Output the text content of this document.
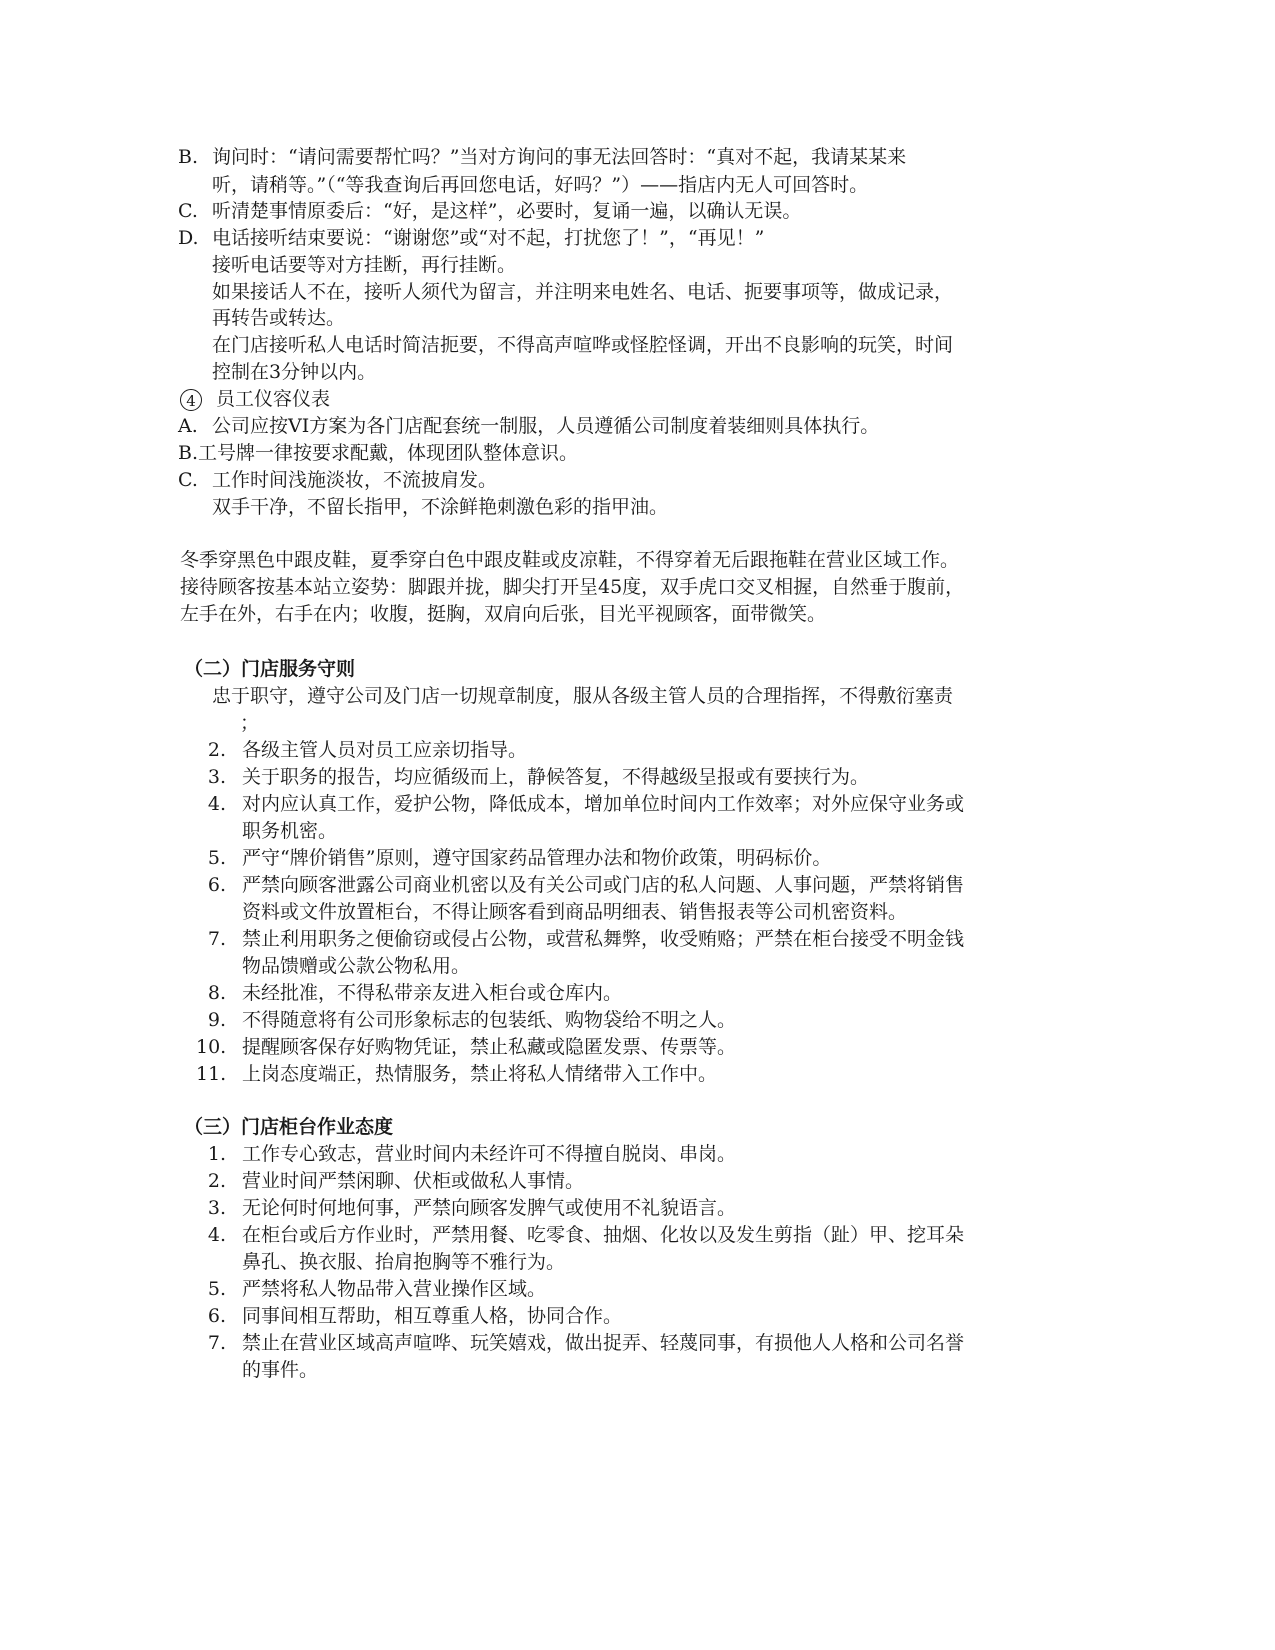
B. 询问时：“请问需要帮忙吗？”当对方询问的事无法回答时：“真对不起，我请某某来
听，请稍等。”（“等我查询后再回您电话，好吗？”）——指店内无人可回答时。
C. 听清楚事情原委后：“好，是这样”，必要时，复诵一遍，以确认无误。
D. 电话接听结束要说：“谢谢您”或“对不起，打扰您了！”，“再见！”
接听电话要等对方挂断，再行挂断。
如果接话人不在，接听人须代为留言，并注明来电姓名、电话、扼要事项等，做成记录，
再转告或转达。
在门店接听私人电话时简洁扼要，不得高声喧哗或怪腔怪调，开出不良影响的玩笑，时间
控制在3分钟以内。
4	员工仪容仪表
A. 公司应按VI方案为各门店配套统一制服，人员遵循公司制度着装细则具体执行。
B. 工号牌一律按要求配戴，体现团队整体意识。
C. 工作时间浅施淡妆，不流披肩发。
双手干净，不留长指甲，不涂鲜艳刺激色彩的指甲油。
冬季穿黑色中跟皮鞋，夏季穿白色中跟皮鞋或皮凉鞋，不得穿着无后跟拖鞋在营业区域工作。
接待顾客按基本站立姿势：脚跟并拢，脚尖打开呈45度，双手虎口交叉相握，自然垂于腹前，
左手在外，右手在内；收腹，挺胸，双肩向后张，目光平视顾客，面带微笑。
（二）门店服务守则
忠于职守，遵守公司及门店一切规章制度，服从各级主管人员的合理指挥，不得敷衍塞责
；
2. 各级主管人员对员工应亲切指导。
3. 关于职务的报告，均应循级而上，静候答复，不得越级呈报或有要挟行为。
4. 对内应认真工作，爱护公物，降低成本，增加单位时间内工作效率；对外应保守业务或
职务机密。
5. 严守“牌价销售”原则，遵守国家药品管理办法和物价政策，明码标价。
6. 严禁向顾客泄露公司商业机密以及有关公司或门店的私人问题、人事问题，严禁将销售
资料或文件放置柜台，不得让顾客看到商品明细表、销售报表等公司机密资料。
7. 禁止利用职务之便偷窃或侵占公物，或营私舞弊，收受贿赂；严禁在柜台接受不明金钱
物品馈赠或公款公物私用。
8. 未经批准，不得私带亲友进入柜台或仓库内。
9. 不得随意将有公司形象标志的包装纸、购物袋给不明之人。
10. 提醒顾客保存好购物凭证，禁止私藏或隐匿发票、传票等。
11. 上岗态度端正，热情服务，禁止将私人情绪带入工作中。
（三）门店柜台作业态度
1. 工作专心致志，营业时间内未经许可不得擅自脱岗、串岗。
2. 营业时间严禁闲聊、伏柜或做私人事情。
3. 无论何时何地何事，严禁向顾客发脾气或使用不礼貌语言。
4. 在柜台或后方作业时，严禁用餐、吃零食、抽烟、化妆以及发生剪指（趾）甲、挖耳朵
鼻孔、换衣服、抬肩抱胸等不雅行为。
5. 严禁将私人物品带入营业操作区域。
6. 同事间相互帮助，相互尊重人格，协同合作。
7. 禁止在营业区域高声喧哗、玩笑嬉戏，做出捉弄、轻蔑同事，有损他人人格和公司名誉
的事件。
